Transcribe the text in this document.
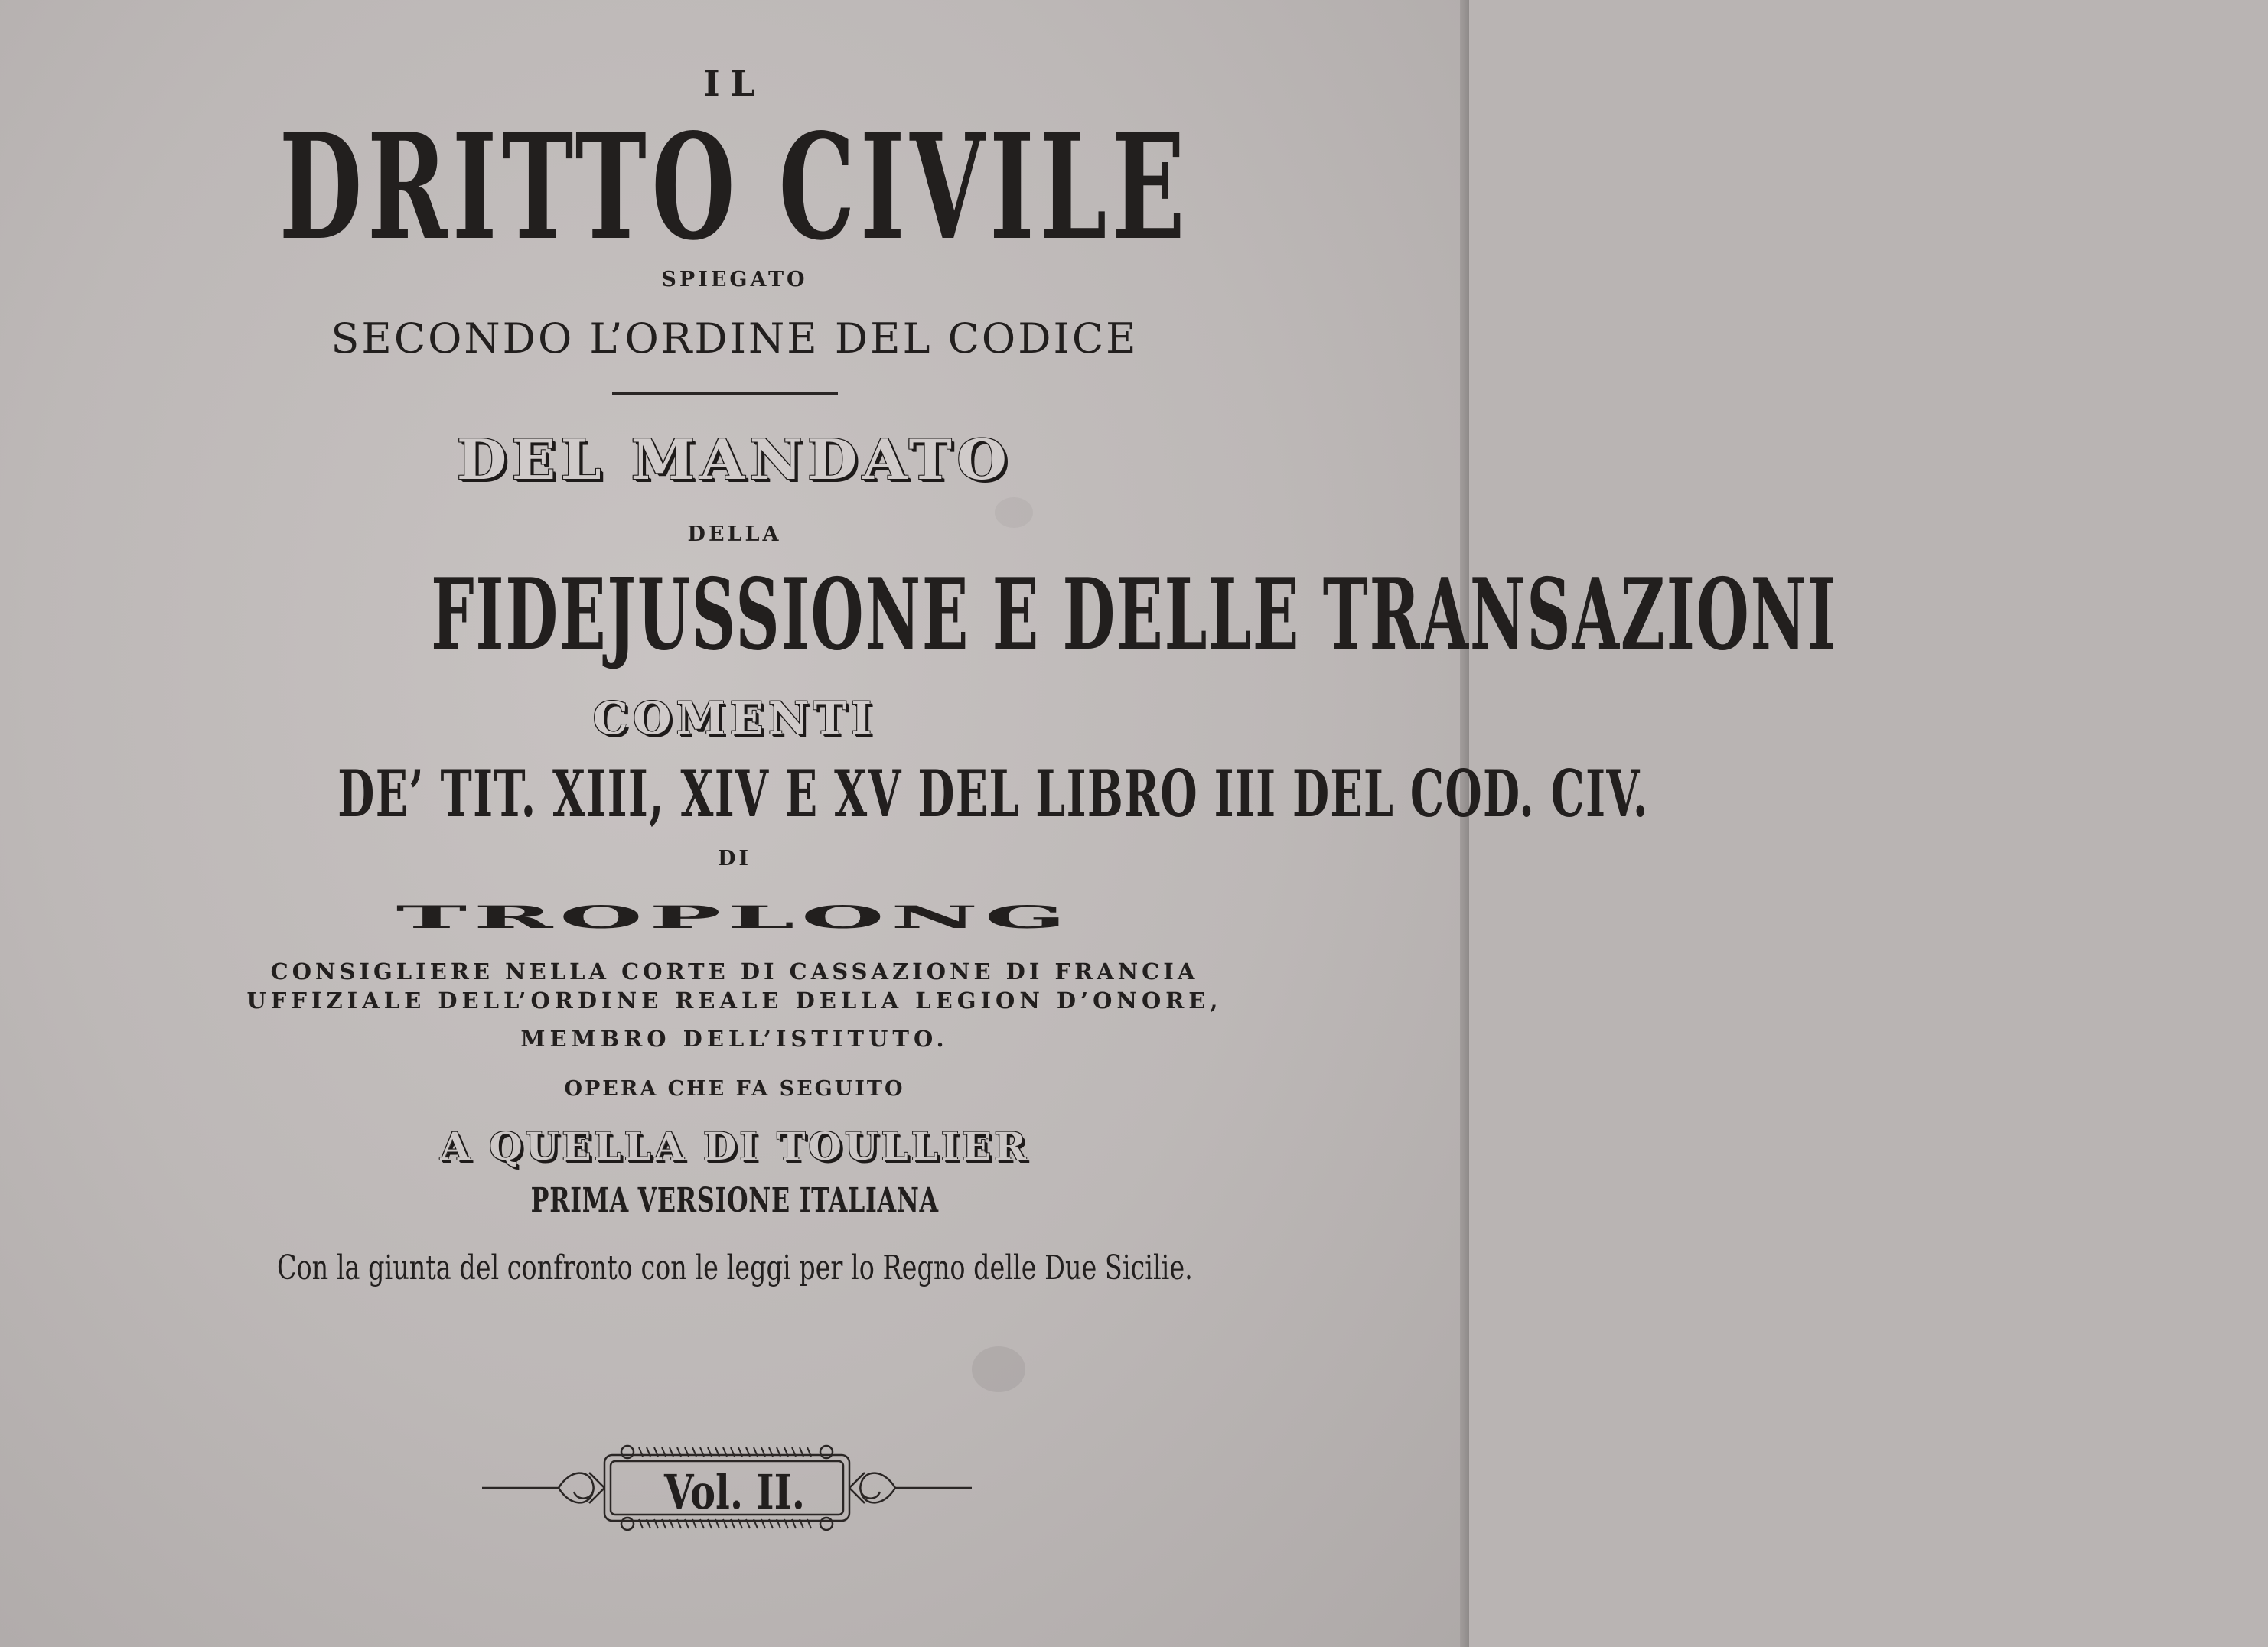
IL
DRITTO CIVILE
SPIEGATO
SECONDO L’ORDINE DEL CODICE
DEL MANDATO
DELLA
FIDEJUSSIONE E DELLE TRANSAZIONI
COMENTI
DE’ TIT. XIII, XIV E XV DEL LIBRO III DEL COD. CIV.
DI
TROPLONG
CONSIGLIERE NELLA CORTE DI CASSAZIONE DI FRANCIA
UFFIZIALE DELL’ORDINE REALE DELLA LEGION D’ONORE,
MEMBRO DELL’ISTITUTO.
OPERA CHE FA SEGUITO
A QUELLA DI TOULLIER
PRIMA VERSIONE ITALIANA
Con la giunta del confronto con le leggi per lo Regno delle Due Sicilie.
Vol. II.
